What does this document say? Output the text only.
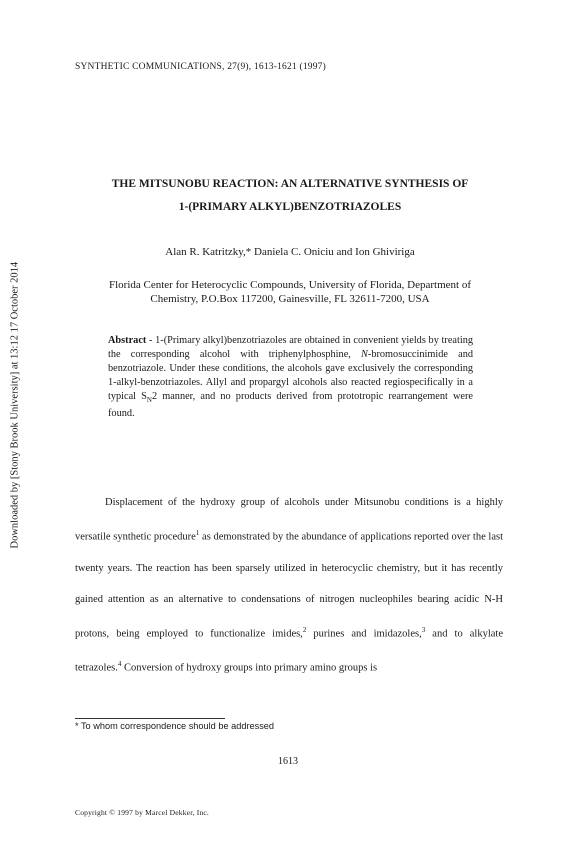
SYNTHETIC COMMUNICATIONS, 27(9), 1613-1621 (1997)
THE MITSUNOBU REACTION: AN ALTERNATIVE SYNTHESIS OF
1-(PRIMARY ALKYL)BENZOTRIAZOLES
Alan R. Katritzky,* Daniela C. Oniciu and Ion Ghiviriga
Florida Center for Heterocyclic Compounds, University of Florida, Department of
Chemistry, P.O.Box 117200, Gainesville, FL 32611-7200, USA
Abstract - 1-(Primary alkyl)benzotriazoles are obtained in convenient yields by treating the corresponding alcohol with triphenylphosphine, N-bromosuccinimide and benzotriazole. Under these conditions, the alcohols gave exclusively the corresponding 1-alkyl-benzotriazoles. Allyl and propargyl alcohols also reacted regiospecifically in a typical $S_N2$ manner, and no products derived from prototropic rearrangement were found.
Downloaded by [Stony Brook University] at 13:12 17 October 2014	Displacement of the hydroxy group of alcohols under Mitsunobu conditions is a highly versatile synthetic procedure$^1$ as demonstrated by the abundance of applications reported over the last twenty years. The reaction has been sparsely utilized in heterocyclic chemistry, but it has recently gained attention as an alternative to condensations of nitrogen nucleophiles bearing acidic N-H protons, being employed to functionalize imides,$^2$ purines and imidazoles,$^3$ and to alkylate tetrazoles.$^4$ Conversion of hydroxy groups into primary amino groups is

* To whom correspondence should be addressed
1613
Copyright © 1997 by Marcel Dekker, Inc.
